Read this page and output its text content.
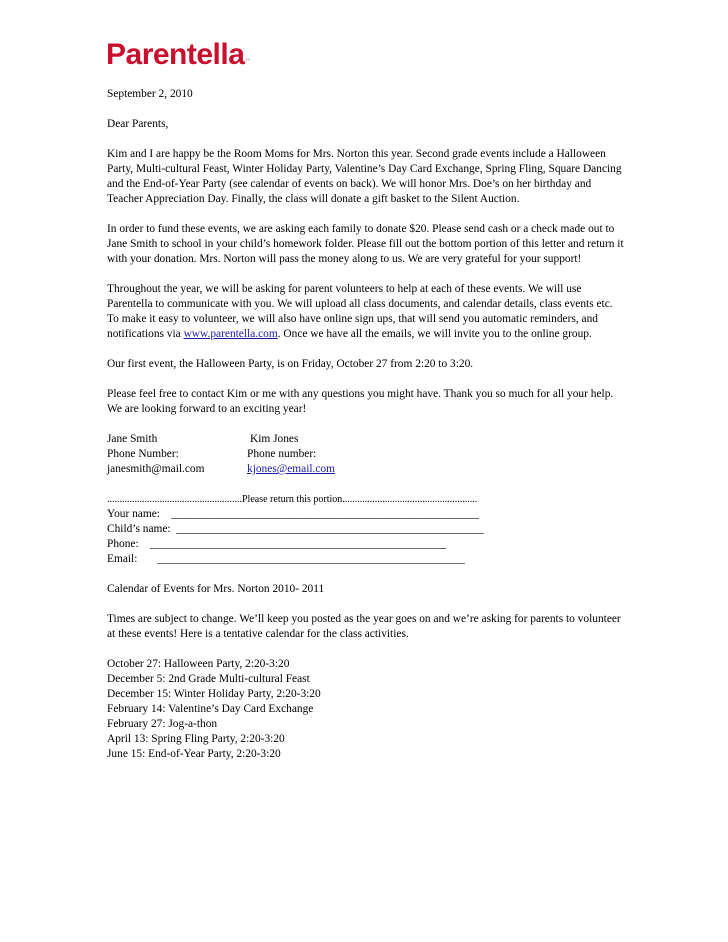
Parentella™

September 2, 2010

Dear Parents,

Kim and I are happy be the Room Moms for Mrs. Norton this year. Second grade events include a Halloween Party, Multi-cultural Feast, Winter Holiday Party, Valentine’s Day Card Exchange, Spring Fling, Square Dancing and the End-of-Year Party (see calendar of events on back). We will honor Mrs. Doe’s on her birthday and Teacher Appreciation Day. Finally, the class will donate a gift basket to the Silent Auction.

In order to fund these events, we are asking each family to donate $20. Please send cash or a check made out to Jane Smith to school in your child’s homework folder. Please fill out the bottom portion of this letter and return it with your donation. Mrs. Norton will pass the money along to us. We are very grateful for your support!

Throughout the year, we will be asking for parent volunteers to help at each of these events. We will use Parentella to communicate with you. We will upload all class documents, and calendar details, class events etc. To make it easy to volunteer, we will also have online sign ups, that will send you automatic reminders, and notifications via www.parentella.com. Once we have all the emails, we will invite you to the online group.

Our first event, the Halloween Party, is on Friday, October 27 from 2:20 to 3:20.

Please feel free to contact Kim or me with any questions you might have. Thank you so much for all your help. We are looking forward to an exciting year!

Jane Smith	Kim Jones
Phone Number:	Phone number:
janesmith@mail.com	kjones@email.com
......................................................Please return this portion......................................................
Your name:    ______________________________________________________
Child’s name:  ______________________________________________________
Phone:    ____________________________________________________
Email:       ______________________________________________________

Calendar of Events for Mrs. Norton 2010- 2011

Times are subject to change. We’ll keep you posted as the year goes on and we’re asking for parents to volunteer at these events! Here is a tentative calendar for the class activities.

October 27: Halloween Party, 2:20-3:20
December 5: 2nd Grade Multi-cultural Feast
December 15: Winter Holiday Party, 2:20-3:20
February 14: Valentine’s Day Card Exchange
February 27: Jog-a-thon
April 13: Spring Fling Party, 2:20-3:20
June 15: End-of-Year Party, 2:20-3:20
